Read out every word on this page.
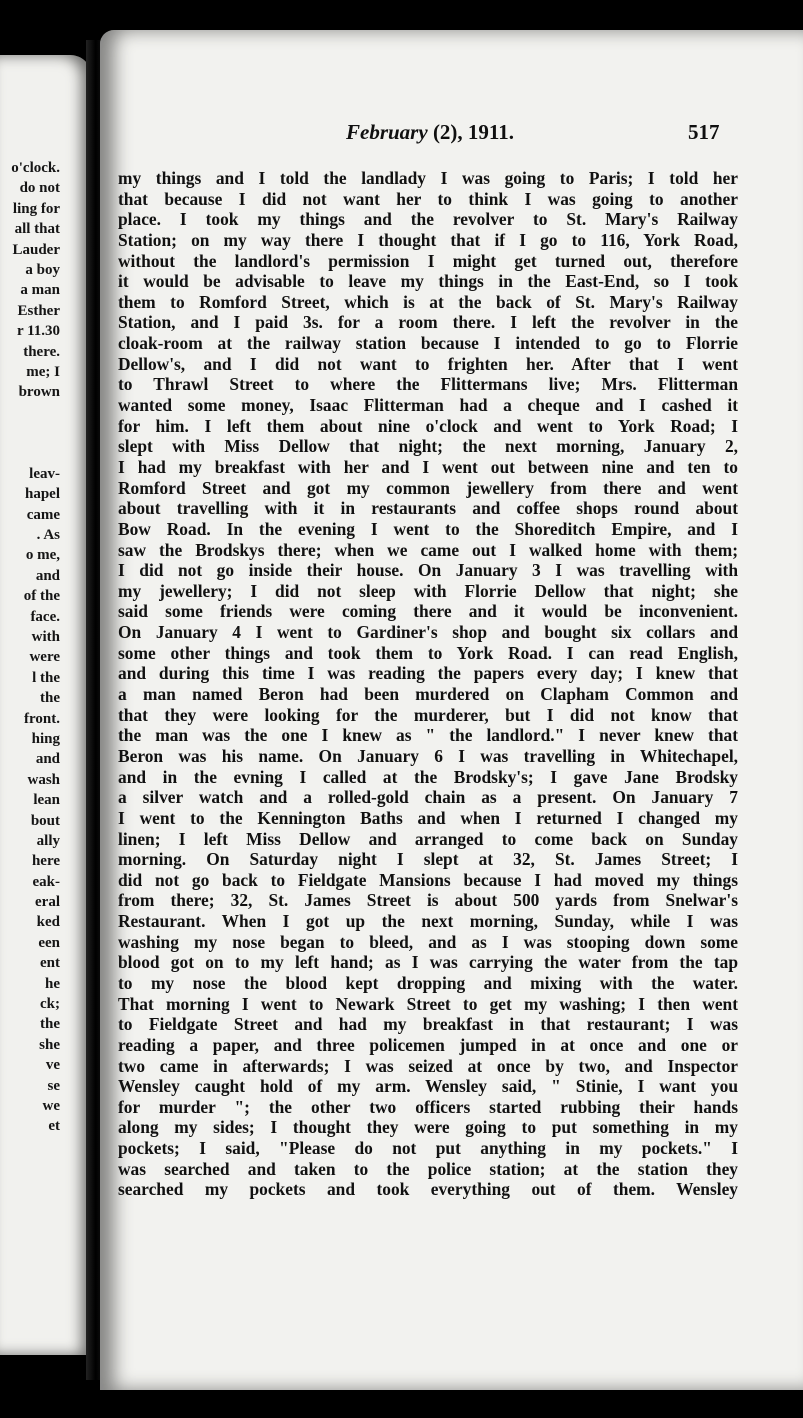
o'clock.
do not
ling for
all that
Lauder
a boy
a man
Esther
r 11.30
there.
me; I
brown
leav-
hapel
came
. As
o me,
and
of the
face.
with
were
l the
the
front.
hing
and
wash
lean
bout
ally
here
eak-
eral
ked
een
ent
he
ck;
the
she
ve
se
we
et
February (2), 1911.	517
my things and I told the landlady I was going to Paris; I told her
that because I did not want her to think I was going to another
place. I took my things and the revolver to St. Mary's Railway
Station; on my way there I thought that if I go to 116, York Road,
without the landlord's permission I might get turned out, therefore
it would be advisable to leave my things in the East-End, so I took
them to Romford Street, which is at the back of St. Mary's Railway
Station, and I paid 3s. for a room there. I left the revolver in the
cloak-room at the railway station because I intended to go to Florrie
Dellow's, and I did not want to frighten her. After that I went
to Thrawl Street to where the Flittermans live; Mrs. Flitterman
wanted some money, Isaac Flitterman had a cheque and I cashed it
for him. I left them about nine o'clock and went to York Road; I
slept with Miss Dellow that night; the next morning, January 2,
I had my breakfast with her and I went out between nine and ten to
Romford Street and got my common jewellery from there and went
about travelling with it in restaurants and coffee shops round about
Bow Road. In the evening I went to the Shoreditch Empire, and I
saw the Brodskys there; when we came out I walked home with them;
I did not go inside their house. On January 3 I was travelling with
my jewellery; I did not sleep with Florrie Dellow that night; she
said some friends were coming there and it would be inconvenient.
On January 4 I went to Gardiner's shop and bought six collars and
some other things and took them to York Road. I can read English,
and during this time I was reading the papers every day; I knew that
a man named Beron had been murdered on Clapham Common and
that they were looking for the murderer, but I did not know that
the man was the one I knew as " the landlord." I never knew that
Beron was his name. On January 6 I was travelling in Whitechapel,
and in the evning I called at the Brodsky's; I gave Jane Brodsky
a silver watch and a rolled-gold chain as a present. On January 7
I went to the Kennington Baths and when I returned I changed my
linen; I left Miss Dellow and arranged to come back on Sunday
morning. On Saturday night I slept at 32, St. James Street; I
did not go back to Fieldgate Mansions because I had moved my things
from there; 32, St. James Street is about 500 yards from Snelwar's
Restaurant. When I got up the next morning, Sunday, while I was
washing my nose began to bleed, and as I was stooping down some
blood got on to my left hand; as I was carrying the water from the tap
to my nose the blood kept dropping and mixing with the water.
That morning I went to Newark Street to get my washing; I then went
to Fieldgate Street and had my breakfast in that restaurant; I was
reading a paper, and three policemen jumped in at once and one or
two came in afterwards; I was seized at once by two, and Inspector
Wensley caught hold of my arm. Wensley said, " Stinie, I want you
for murder "; the other two officers started rubbing their hands
along my sides; I thought they were going to put something in my
pockets; I said, "Please do not put anything in my pockets." I
was searched and taken to the police station; at the station they
searched my pockets and took everything out of them. Wensley
